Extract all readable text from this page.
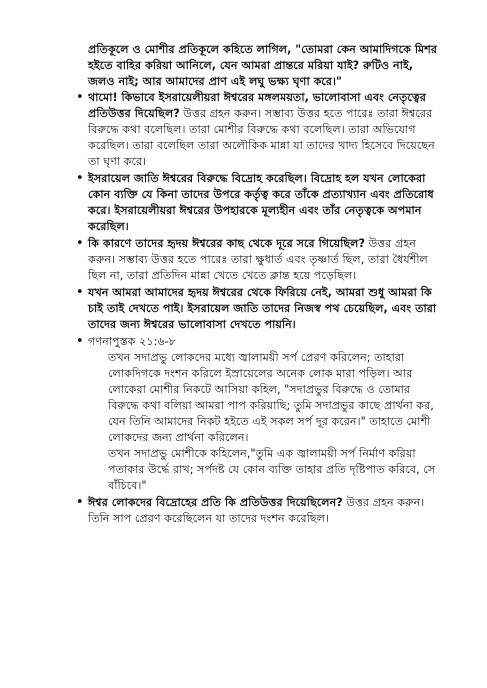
প্রতিকূলে ও মোশীর প্রতিকূলে কহিতে লাগিল, "তোমরা কেন আমাদিগকে মিশর হইতে বাহির করিয়া আনিলে, যেন আমরা প্রান্তরে মরিয়া যাই? রুটিও নাই, জলও নাই; আর আমাদের প্রাণ এই লঘু ভক্ষ্য ঘৃণা করে।"
• থামো! কিভাবে ইসরায়েলীয়রা ঈশ্বরের মঙ্গলময়তা, ভালোবাসা এবং নেতৃত্বের প্রতিউত্তর দিয়েছিল? উত্তর গ্রহন করুন। সম্ভাব্য উত্তর হতে পারেঃ তারা ঈশ্বরের বিরুদ্ধে কথা বলেছিল। তারা মোশীর বিরুদ্ধে কথা বলেছিল। তারা অভিযোগ করেছিল। তারা বলেছিল তারা অলৌকিক মান্না যা তাদের খাদ্য হিসেবে দিয়েছেন তা ঘৃণা করে।
• ইসরায়েল জাতি ঈশ্বরের বিরুদ্ধে বিদ্রোহ করেছিল। বিদ্রোহ হল যখন লোকেরা কোন ব্যক্তি যে কিনা তাদের উপরে কর্তৃত্ব করে তাঁকে প্রত্যাখ্যান এবং প্রতিরোধ করে। ইসরায়েলীয়রা ঈশ্বরের উপহারকে মূল্যহীন এবং তাঁর নেতৃত্বকে অপমান করেছিল।
• কি কারণে তাদের হৃদয় ঈশ্বরের কাছ থেকে দূরে সরে গিয়েছিল? উত্তর গ্রহন করুন। সম্ভাব্য উত্তর হতে পারেঃ তারা ক্ষুধার্ত এবং তৃষ্ণার্ত ছিল, তারা ধৈর্যশীল ছিল না, তারা প্রতিদিন মান্না খেতে খেতে ক্লান্ত হয়ে পড়েছিল।
• যখন আমরা আমাদের হৃদয় ঈশ্বরের থেকে ফিরিয়ে নেই, আমরা শুধু আমরা কি চাই তাই দেখতে পাই। ইসরায়েল জাতি তাদের নিজস্ব পথ চেয়েছিল, এবং তারা তাদের জন্য ঈশ্বরের ভালোবাসা দেখতে পায়নি।
• গণনাপুস্তক ২১:৬-৮

তখন সদাপ্রভু লোকদের মধ্যে জ্বালাময়ী সর্প প্রেরণ করিলেন; তাহারা লোকদিগকে দংশন করিলে ইস্রায়েলের অনেক লোক মারা পড়িল। আর লোকেরা মোশীর নিকটে আসিয়া কহিল, "সদাপ্রভুর বিরুদ্ধে ও তোমার বিরুদ্ধে কথা বলিয়া আমরা পাপ করিয়াছি; তুমি সদাপ্রভুর কাছে প্রার্থনা কর, যেন তিনি আমাদের নিকট হইতে এই সকল সর্প দূর করেন।" তাহাতে মোশী লোকদের জন্য প্রার্থনা করিলেন।

তখন সদাপ্রভু মোশীকে কহিলেন,"তুমি এক জ্বালাময়ী সর্প নির্মাণ করিয়া পতাকার উর্দ্ধে রাখ; সর্পদষ্ট যে কোন ব্যক্তি তাহার প্রতি দৃষ্টিপাত করিবে, সে বাঁচিবে।"

• ঈশ্বর লোকদের বিদ্রোহের প্রতি কি প্রতিউত্তর দিয়েছিলেন? উত্তর গ্রহন করুন। তিনি সাপ প্রেরণ করেছিলেন যা তাদের দংশন করেছিল।
